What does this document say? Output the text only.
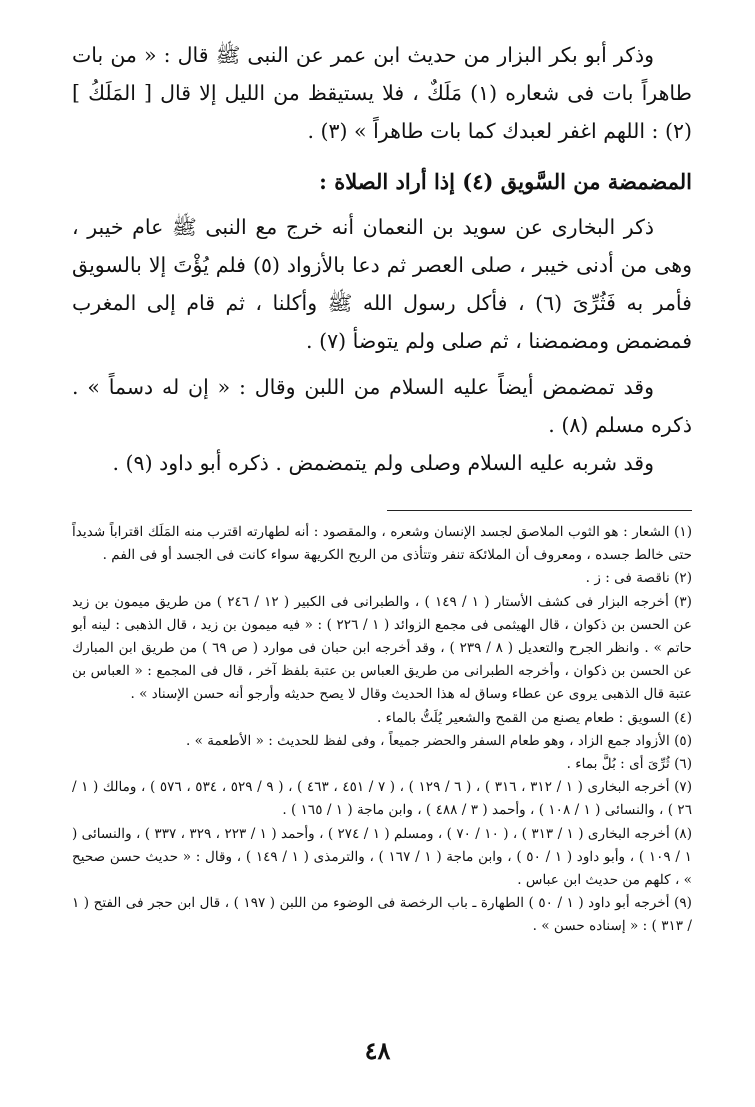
وذكر أبو بكر البزار من حديث ابن عمر عن النبى ﷺ قال : « من بات طاهراً بات فى شعاره (١) مَلَكٌ ، فلا يستيقظ من الليل إلا قال [ المَلَكُ ] (٢) : اللهم اغفر لعبدك كما بات طاهراً » (٣) .

المضمضة من السَّويق (٤) إذا أراد الصلاة :

ذكر البخارى عن سويد بن النعمان أنه خرج مع النبى ﷺ عام خيبر ، وهى من أدنى خيبر ، صلى العصر ثم دعا بالأزواد (٥) فلم يُؤْتَ إلا بالسويق فأمر به فَثُرِّىَ (٦) ، فأكل رسول الله ﷺ وأكلنا ، ثم قام إلى المغرب فمضمض ومضمضنا ، ثم صلى ولم يتوضأ (٧) .

وقد تمضمض أيضاً عليه السلام من اللبن وقال : « إن له دسماً » . ذكره مسلم (٨) .

وقد شربه عليه السلام وصلى ولم يتمضمض . ذكره أبو داود (٩) .

(١) الشعار : هو الثوب الملاصق لجسد الإنسان وشعره ، والمقصود : أنه لطهارته اقترب منه المَلَك اقتراباً شديداً حتى خالط جسده ، ومعروف أن الملائكة تنفر وتتأذى من الريح الكريهة سواء كانت فى الجسد أو فى الفم .

(٢) ناقصة فى : ز .

(٣) أخرجه البزار فى كشف الأستار ( ١ / ١٤٩ ) ، والطبرانى فى الكبير ( ١٢ / ٢٤٦ ) من طريق ميمون بن زيد عن الحسن بن ذكوان ، قال الهيثمى فى مجمع الزوائد ( ١ / ٢٢٦ ) : « فيه ميمون بن زيد ، قال الذهبى : لينه أبو حاتم » . وانظر الجرح والتعديل ( ٨ / ٢٣٩ ) ، وقد أخرجه ابن حبان فى موارد ( ص ٦٩ ) من طريق ابن المبارك عن الحسن بن ذكوان ، وأخرجه الطبرانى من طريق العباس بن عتبة بلفظ آخر ، قال فى المجمع : « العباس بن عتبة قال الذهبى يروى عن عطاء وساق له هذا الحديث وقال لا يصح حديثه وأرجو أنه حسن الإسناد » .

(٤) السويق : طعام يصنع من القمح والشعير يُلَتُّ بالماء .

(٥) الأزواد جمع الزاد ، وهو طعام السفر والحضر جميعاً ، وفى لفظ للحديث : « الأطعمة » .

(٦) ثُرِّىَ أى : بُلَّ بماء .

(٧) أخرجه البخارى ( ١ / ٣١٢ ، ٣١٦ ) ، ( ٦ / ١٢٩ ) ، ( ٧ / ٤٥١ ، ٤٦٣ ) ، ( ٩ / ٥٢٩ ، ٥٣٤ ، ٥٧٦ ) ، ومالك ( ١ / ٢٦ ) ، والنسائى ( ١ / ١٠٨ ) ، وأحمد ( ٣ / ٤٨٨ ) ، وابن ماجة ( ١ / ١٦٥ ) .

(٨) أخرجه البخارى ( ١ / ٣١٣ ) ، ( ١٠ / ٧٠ ) ، ومسلم ( ١ / ٢٧٤ ) ، وأحمد ( ١ / ٢٢٣ ، ٣٢٩ ، ٣٣٧ ) ، والنسائى ( ١ / ١٠٩ ) ، وأبو داود ( ١ / ٥٠ ) ، وابن ماجة ( ١ / ١٦٧ ) ، والترمذى ( ١ / ١٤٩ ) ، وقال : « حديث حسن صحيح » ، كلهم من حديث ابن عباس .

(٩) أخرجه أبو داود ( ١ / ٥٠ ) الطهارة ـ باب الرخصة فى الوضوء من اللبن ( ١٩٧ ) ، قال ابن حجر فى الفتح ( ١ / ٣١٣ ) : « إسناده حسن » .

٤٨
